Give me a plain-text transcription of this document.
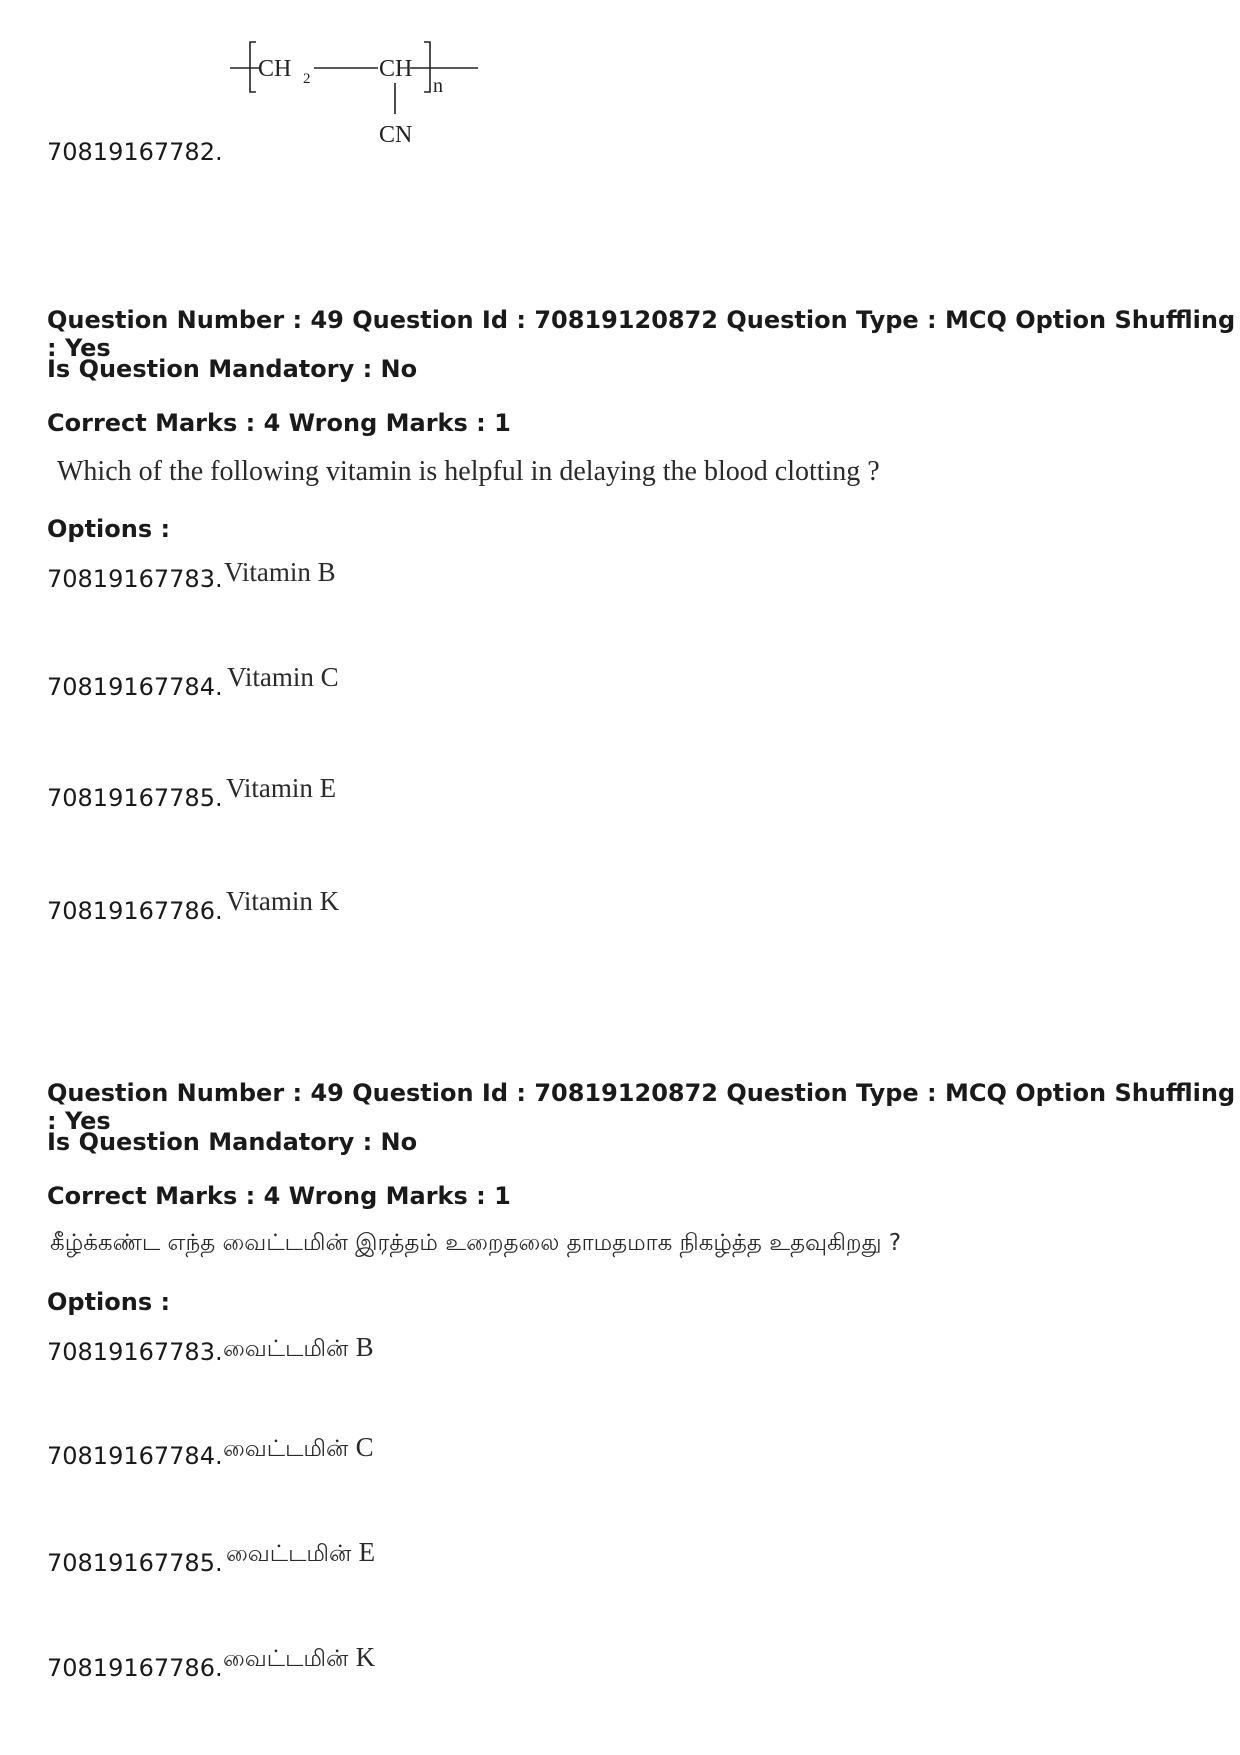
CH 2	CH
n
CN
70819167782.
Question Number : 49 Question Id : 70819120872 Question Type : MCQ Option Shuffling : Yes
Is Question Mandatory : No
Correct Marks : 4 Wrong Marks : 1
Which of the following vitamin is helpful in delaying the blood clotting ?
Options :
70819167783. Vitamin B
70819167784. Vitamin C
70819167785. Vitamin E
70819167786. Vitamin K
Question Number : 49 Question Id : 70819120872 Question Type : MCQ Option Shuffling : Yes
Is Question Mandatory : No
Correct Marks : 4 Wrong Marks : 1
கீழ்க்கண்ட எந்த வைட்டமின் இரத்தம் உறைதலை தாமதமாக நிகழ்த்த உதவுகிறது ?
Options :
70819167783. வைட்டமின் B
70819167784. வைட்டமின் C
70819167785. வைட்டமின் E
70819167786. வைட்டமின் K
